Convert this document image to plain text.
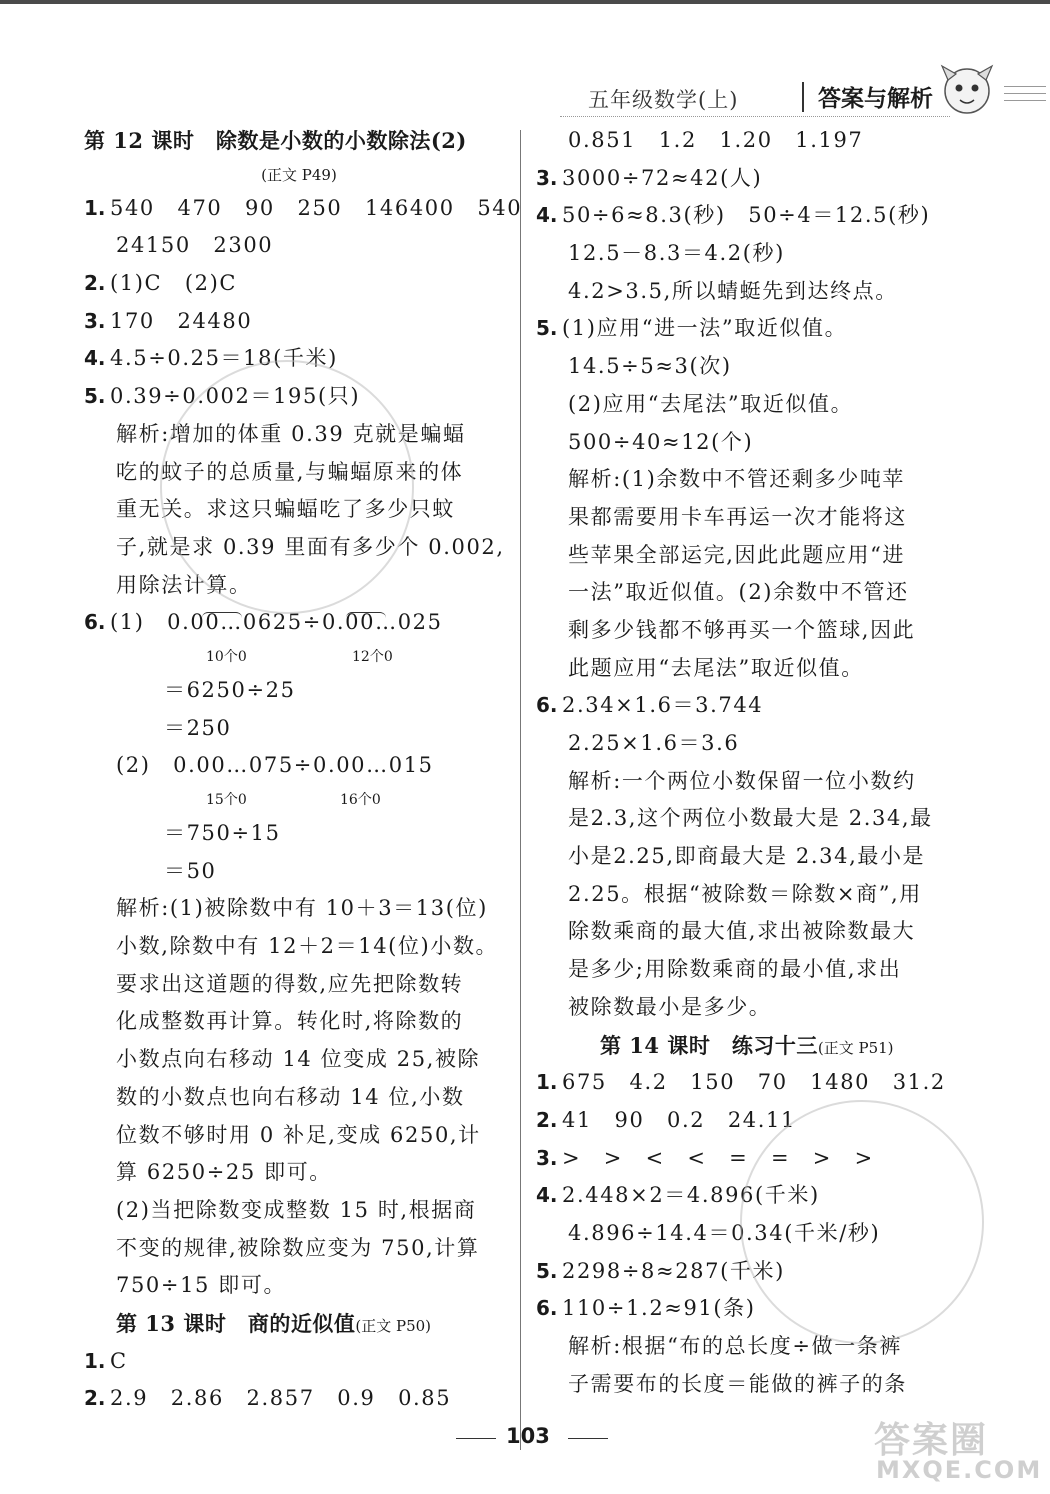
五年级数学(上)	答案与解析
第 12 课时　除数是小数的小数除法(2)
(正文 P49)
1. 540　470　90　250　146400　540
24150　2300
2. (1)C　(2)C
3. 170　24480
4. 4.5÷0.25＝18(千米)
5. 0.39÷0.002＝195(只)
解析:增加的体重 0.39 克就是蝙蝠
吃的蚊子的总质量,与蝙蝠原来的体
重无关。求这只蝙蝠吃了多少只蚊
子,就是求 0.39 里面有多少个 0.002,
用除法计算。
6. (1)　0.00…0625÷0.00…025
10个0	12个0
＝6250÷25
＝250
(2)　0.00…075÷0.00…015
15个0	16个0
＝750÷15
＝50
解析:(1)被除数中有 10＋3＝13(位)
小数,除数中有 12＋2＝14(位)小数。
要求出这道题的得数,应先把除数转
化成整数再计算。转化时,将除数的
小数点向右移动 14 位变成 25,被除
数的小数点也向右移动 14 位,小数
位数不够时用 0 补足,变成 6250,计
算 6250÷25 即可。
(2)当把除数变成整数 15 时,根据商
不变的规律,被除数应变为 750,计算
750÷15 即可。
第 13 课时　商的近似值(正文 P50)
1. C
2. 2.9　2.86　2.857　0.9　0.85
0.851　1.2　1.20　1.197
3. 3000÷72≈42(人)
4. 50÷6≈8.3(秒)　50÷4＝12.5(秒)
12.5－8.3＝4.2(秒)
4.2>3.5,所以蜻蜓先到达终点。
5. (1)应用“进一法”取近似值。
14.5÷5≈3(次)
(2)应用“去尾法”取近似值。
500÷40≈12(个)
解析:(1)余数中不管还剩多少吨苹
果都需要用卡车再运一次才能将这
些苹果全部运完,因此此题应用“进
一法”取近似值。(2)余数中不管还
剩多少钱都不够再买一个篮球,因此
此题应用“去尾法”取近似值。
6. 2.34×1.6＝3.744
2.25×1.6＝3.6
解析:一个两位小数保留一位小数约
是2.3,这个两位小数最大是 2.34,最
小是2.25,即商最大是 2.34,最小是
2.25。根据“被除数＝除数×商”,用
除数乘商的最大值,求出被除数最大
是多少;用除数乘商的最小值,求出
被除数最小是多少。
第 14 课时　练习十三(正文 P51)
1. 675　4.2　150　70　1480　31.2
2. 41　90　0.2　24.11
3. >　>　<　<　=　=　>　>
4. 2.448×2＝4.896(千米)
4.896÷14.4＝0.34(千米/秒)
5. 2298÷8≈287(千米)
6. 110÷1.2≈91(条)
解析:根据“布的总长度÷做一条裤
子需要布的长度＝能做的裤子的条
103	答案圈
MXQE.COM
